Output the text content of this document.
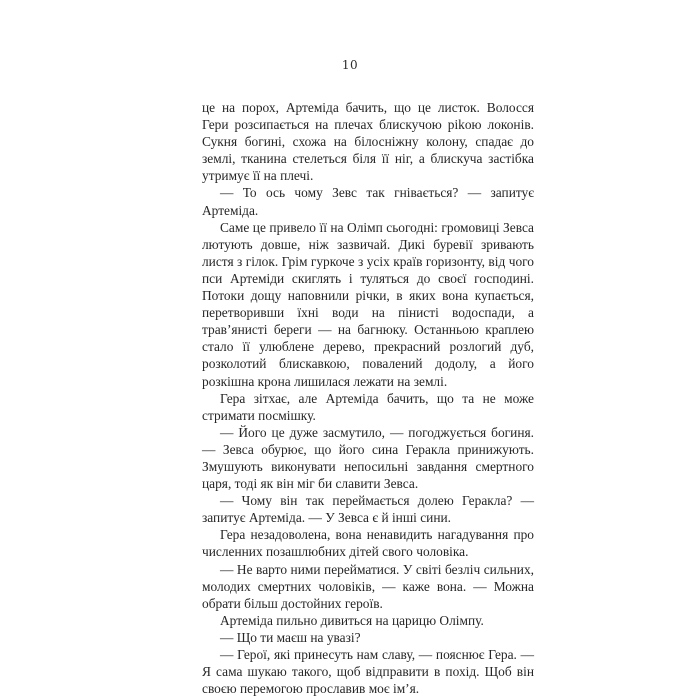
10

це на порох, Артеміда бачить, що це листок. Волосся Гери розсипається на плечах блискучою ріkою локонів. Сукня богині, схожа на білосніжну колону, спадає до землі, тканина стелеться біля її ніг, а блискуча застібка утримує її на плечі.

— То ось чому Зевс так гнівається? — запитує Артеміда.

Саме це привело її на Олімп сьогодні: громовиці Зевса лютують довше, ніж зазвичай. Дикі буревії зривають листя з гілок. Грім гуркоче з усіх країв горизонту, від чого пси Артеміди скиглять і туляться до своєї господині. Потоки дощу наповнили річки, в яких вона купається, перетворивши їхні води на пінисті водоспади, а трав’янисті береги — на багнюку. Останньою краплею стало її улюблене дерево, прекрасний розлогий дуб, розколотий блискавкою, повалений додолу, а його розкішна крона лишилася лежати на землі.

Гера зітхає, але Артеміда бачить, що та не може стримати посмішку.

— Його це дуже засмутило, — погоджується богиня. — Зевса обурює, що його сина Геракла принижують. Змушують виконувати непосильні завдання смертного царя, тоді як він міг би славити Зевса.

— Чому він так переймається долею Геракла? — запитує Артеміда. — У Зевса є й інші сини.

Гера незадоволена, вона ненавидить нагадування про численних позашлюбних дітей свого чоловіка.

— Не варто ними перейматися. У світі безліч сильних, молодих смертних чоловіків, — каже вона. — Можна обрати більш достойних героїв.

Артеміда пильно дивиться на царицю Олімпу.

— Що ти маєш на увазі?

— Герої, які принесуть нам славу, — пояснює Гера. — Я сама шукаю такого, щоб відправити в похід. Щоб він своєю перемогою прославив моє ім’я.
